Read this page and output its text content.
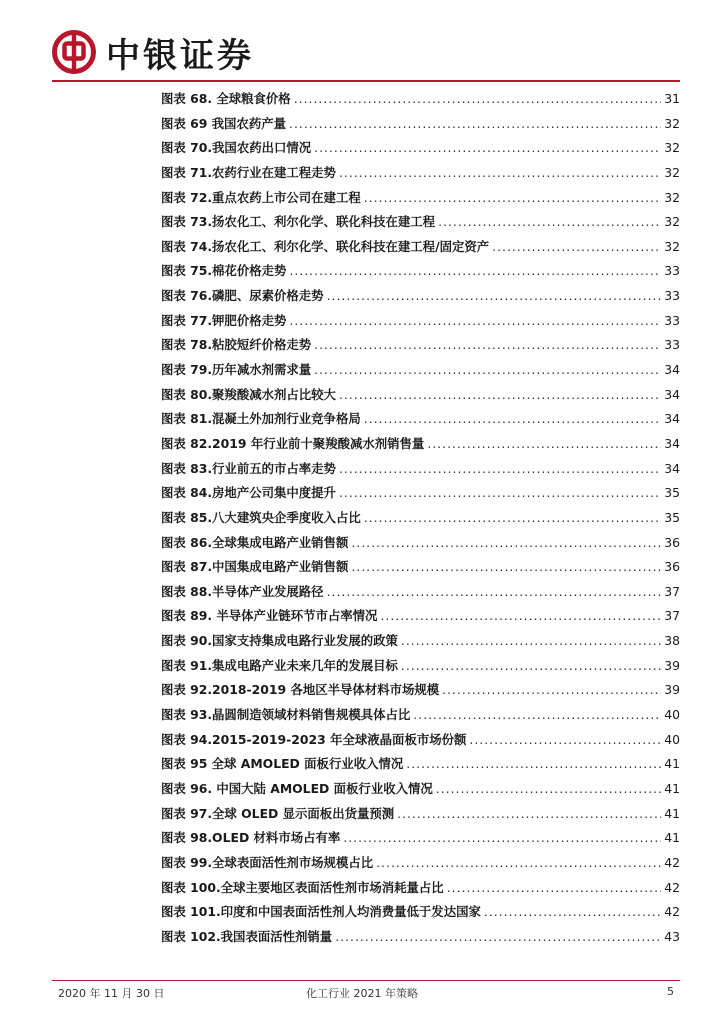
中银证券
图表 68. 全球粮食价格 .....	31
图表 69 我国农药产量 .....	32
图表 70.我国农药出口情况 .....	32
图表 71.农药行业在建工程走势 .....	32
图表 72.重点农药上市公司在建工程 .....	32
图表 73.扬农化工、利尔化学、联化科技在建工程 .....	32
图表 74.扬农化工、利尔化学、联化科技在建工程/固定资产 .....	32
图表 75.棉花价格走势 .....	33
图表 76.磷肥、尿素价格走势 .....	33
图表 77.钾肥价格走势 .....	33
图表 78.粘胶短纤价格走势 .....	33
图表 79.历年减水剂需求量 .....	34
图表 80.聚羧酸减水剂占比较大 .....	34
图表 81.混凝土外加剂行业竞争格局 .....	34
图表 82.2019 年行业前十聚羧酸减水剂销售量 .....	34
图表 83.行业前五的市占率走势 .....	34
图表 84.房地产公司集中度提升 .....	35
图表 85.八大建筑央企季度收入占比 .....	35
图表 86.全球集成电路产业销售额 .....	36
图表 87.中国集成电路产业销售额 .....	36
图表 88.半导体产业发展路径 .....	37
图表 89. 半导体产业链环节市占率情况 .....	37
图表 90.国家支持集成电路行业发展的政策 .....	38
图表 91.集成电路产业未来几年的发展目标 .....	39
图表 92.2018-2019 各地区半导体材料市场规模 .....	39
图表 93.晶圆制造领域材料销售规模具体占比 .....	40
图表 94.2015-2019-2023 年全球液晶面板市场份额 .....	40
图表 95 全球 AMOLED 面板行业收入情况 .....	41
图表 96. 中国大陆 AMOLED 面板行业收入情况 .....	41
图表 97.全球 OLED 显示面板出货量预测 .....	41
图表 98.OLED 材料市场占有率 .....	41
图表 99.全球表面活性剂市场规模占比 .....	42
图表 100.全球主要地区表面活性剂市场消耗量占比 .....	42
图表 101.印度和中国表面活性剂人均消费量低于发达国家 .....	42
图表 102.我国表面活性剂销量 .....	43
2020 年 11 月 30 日	化工行业 2021 年策略	5
